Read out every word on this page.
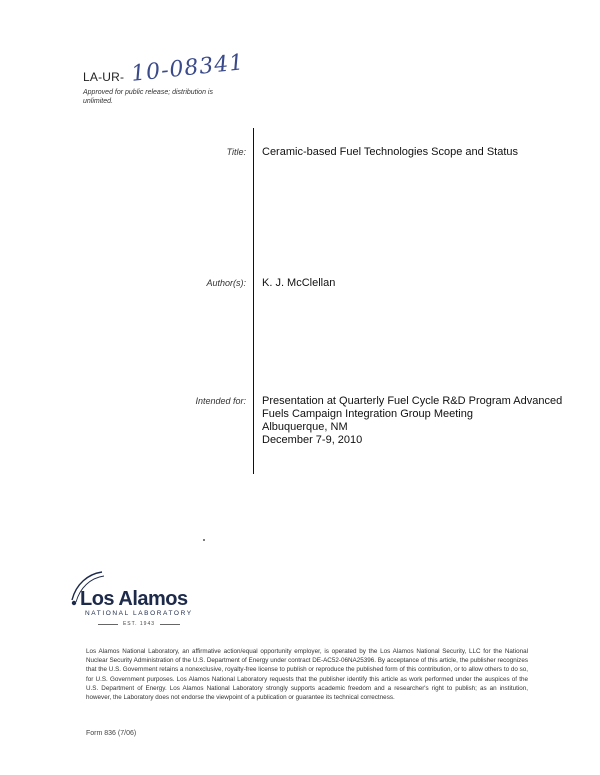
LA-UR- 10-08341
Approved for public release; distribution is unlimited.
Title: Ceramic-based Fuel Technologies Scope and Status
Author(s): K. J. McClellan
Intended for: Presentation at Quarterly Fuel Cycle R&D Program Advanced
Fuels Campaign Integration Group Meeting
Albuquerque, NM
December 7-9, 2010
Los Alamos
NATIONAL LABORATORY
EST. 1943
Los Alamos National Laboratory, an affirmative action/equal opportunity employer, is operated by the Los Alamos National Security, LLC for the National Nuclear Security Administration of the U.S. Department of Energy under contract DE-AC52-06NA25396. By acceptance of this article, the publisher recognizes that the U.S. Government retains a nonexclusive, royalty-free license to publish or reproduce the published form of this contribution, or to allow others to do so, for U.S. Government purposes. Los Alamos National Laboratory requests that the publisher identify this article as work performed under the auspices of the U.S. Department of Energy. Los Alamos National Laboratory strongly supports academic freedom and a researcher's right to publish; as an institution, however, the Laboratory does not endorse the viewpoint of a publication or guarantee its technical correctness.
Form 836 (7/06)
